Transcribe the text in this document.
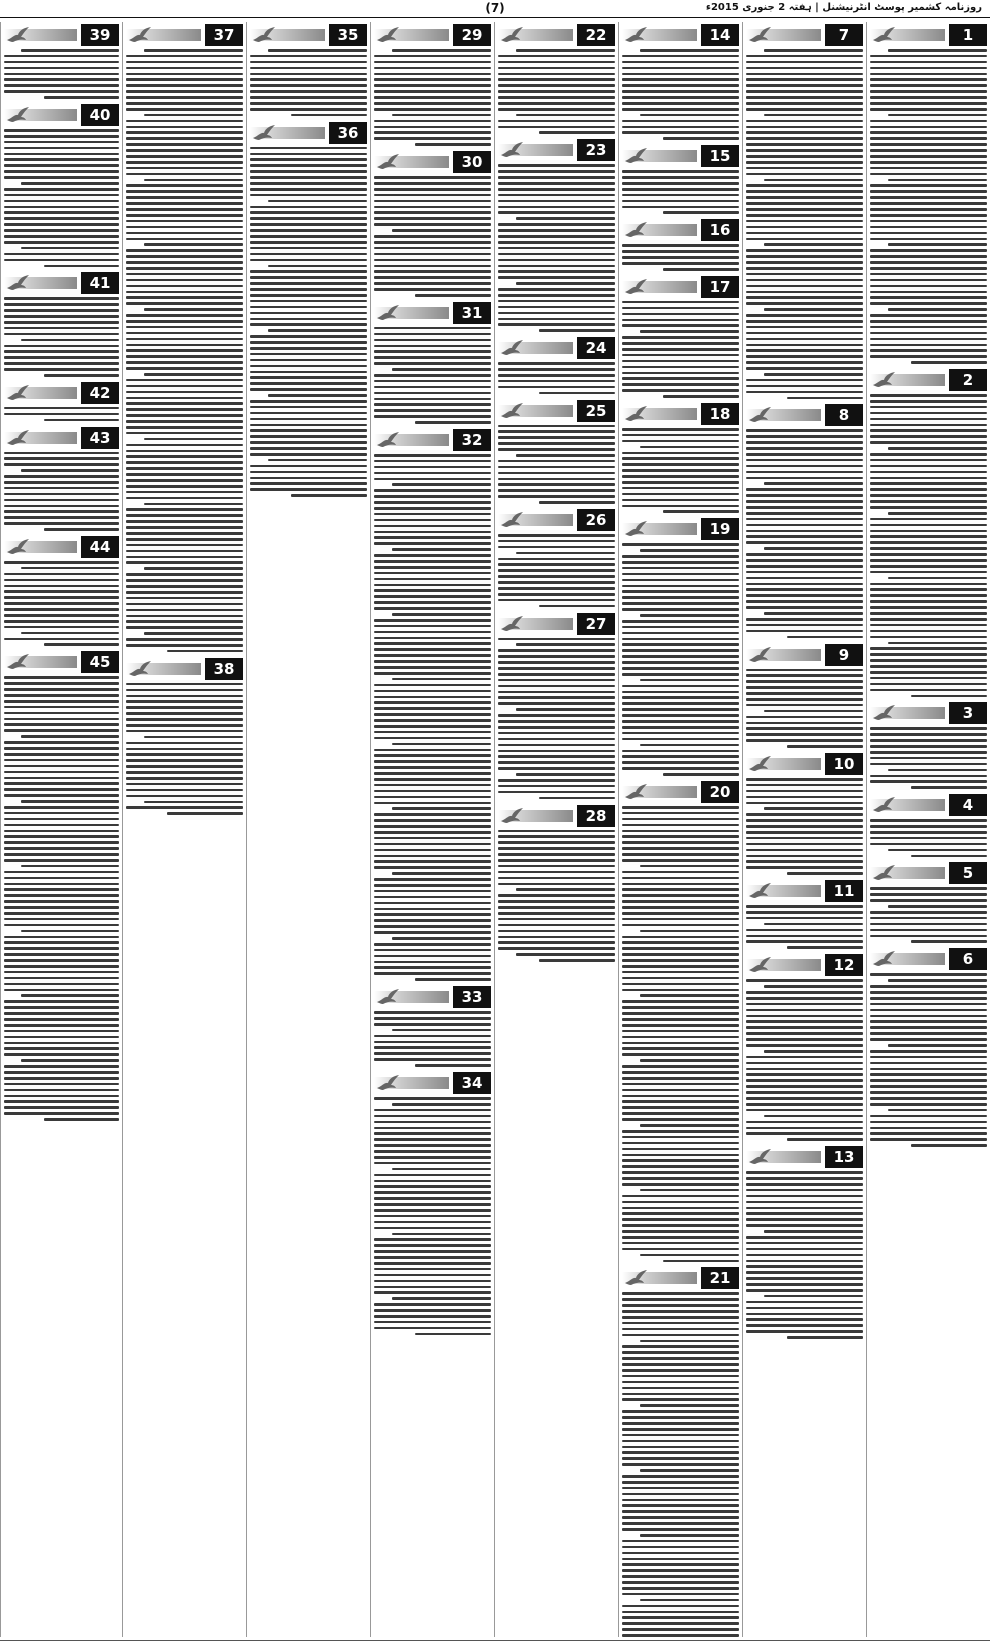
(7)	روزنامہ کشمیر پوسٹ انٹرنیشنل | ہفتہ 2 جنوری 2015ء
1
2
3
4
5
6
7
8
9
10
11
12
13
14
15
16
17
18
19
20
21
22
23
24
25
26
27
28
29
30
31
32
33
34
35
36
37
38
39
40
41
42
43
44
45
